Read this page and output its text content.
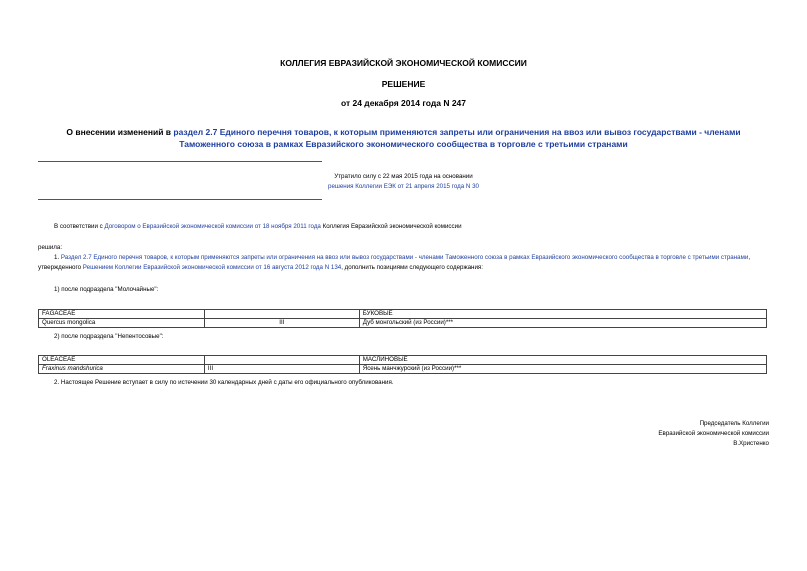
КОЛЛЕГИЯ ЕВРАЗИЙСКОЙ ЭКОНОМИЧЕСКОЙ КОМИССИИ
РЕШЕНИЕ
от 24 декабря 2014 года N 247
О внесении изменений в раздел 2.7 Единого перечня товаров, к которым применяются запреты или ограничения на ввоз или вывоз государствами - членами Таможенного союза в рамках Евразийского экономического сообщества в торговле с третьими странами
Утратило силу с 22 мая 2015 года на основании
решения Коллегии ЕЭК от 21 апреля 2015 года N 30
В соответствии с Договором о Евразийской экономической комиссии от 18 ноября 2011 года Коллегия Евразийской экономической комиссии
решила:
1. Раздел 2.7 Единого перечня товаров, к которым применяются запреты или ограничения на ввоз или вывоз государствами - членами Таможенного союза в рамках Евразийского экономического сообщества в торговле с третьими странами, утвержденного Решением Коллегии Евразийской экономической комиссии от 16 августа 2012 года N 134, дополнить позициями следующего содержания:
1) после подраздела "Молочайные":
FAGACEAE		БУКОВЫЕ
Quercus mongolica	III	Дуб монгольский (из России)***
2) после подраздела "Непентосовые":
OLEACEAE		МАСЛИНОВЫЕ
Fraxinus mandshurica	III	Ясень манчжурский (из России)***
2. Настоящее Решение вступает в силу по истечении 30 календарных дней с даты его официального опубликования.
Председатель Коллегии
Евразийской экономической комиссии
В.Христенко
